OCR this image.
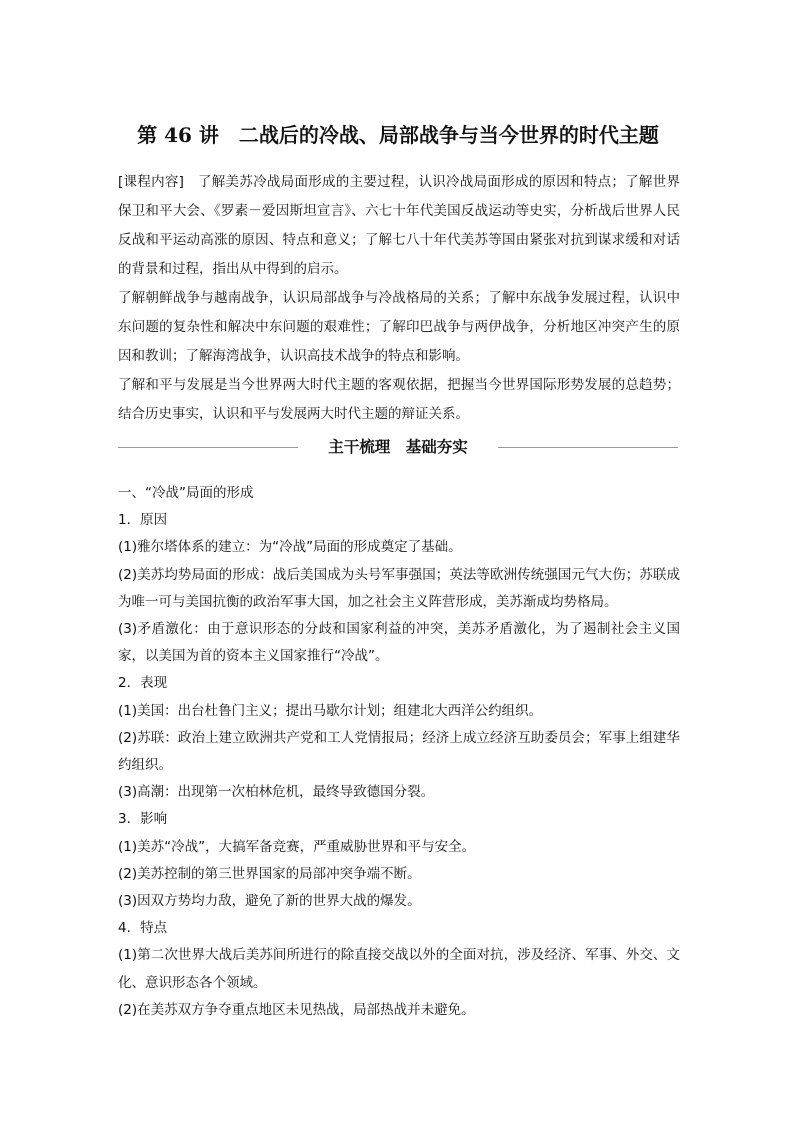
第 46 讲　二战后的冷战、局部战争与当今世界的时代主题

[课程内容]　了解美苏冷战局面形成的主要过程，认识冷战局面形成的原因和特点；了解世界保卫和平大会、《罗素－爱因斯坦宣言》、六七十年代美国反战运动等史实，分析战后世界人民反战和平运动高涨的原因、特点和意义；了解七八十年代美苏等国由紧张对抗到谋求缓和对话的背景和过程，指出从中得到的启示。

了解朝鲜战争与越南战争，认识局部战争与冷战格局的关系；了解中东战争发展过程，认识中东问题的复杂性和解决中东问题的艰难性；了解印巴战争与两伊战争，分析地区冲突产生的原因和教训；了解海湾战争，认识高技术战争的特点和影响。

了解和平与发展是当今世界两大时代主题的客观依据，把握当今世界国际形势发展的总趋势；结合历史事实，认识和平与发展两大时代主题的辩证关系。

主干梳理　基础夯实
一、“冷战”局面的形成
1．原因
(1)雅尔塔体系的建立：为“冷战”局面的形成奠定了基础。
(2)美苏均势局面的形成：战后美国成为头号军事强国；英法等欧洲传统强国元气大伤；苏联成为唯一可与美国抗衡的政治军事大国，加之社会主义阵营形成，美苏渐成均势格局。
(3)矛盾激化：由于意识形态的分歧和国家利益的冲突，美苏矛盾激化，为了遏制社会主义国家，以美国为首的资本主义国家推行“冷战”。
2．表现
(1)美国：出台杜鲁门主义；提出马歇尔计划；组建北大西洋公约组织。
(2)苏联：政治上建立欧洲共产党和工人党情报局；经济上成立经济互助委员会；军事上组建华约组织。
(3)高潮：出现第一次柏林危机，最终导致德国分裂。
3．影响
(1)美苏“冷战”，大搞军备竞赛，严重威胁世界和平与安全。
(2)美苏控制的第三世界国家的局部冲突争端不断。
(3)因双方势均力敌，避免了新的世界大战的爆发。
4．特点
(1)第二次世界大战后美苏间所进行的除直接交战以外的全面对抗，涉及经济、军事、外交、文化、意识形态各个领域。
(2)在美苏双方争夺重点地区未见热战，局部热战并未避免。
